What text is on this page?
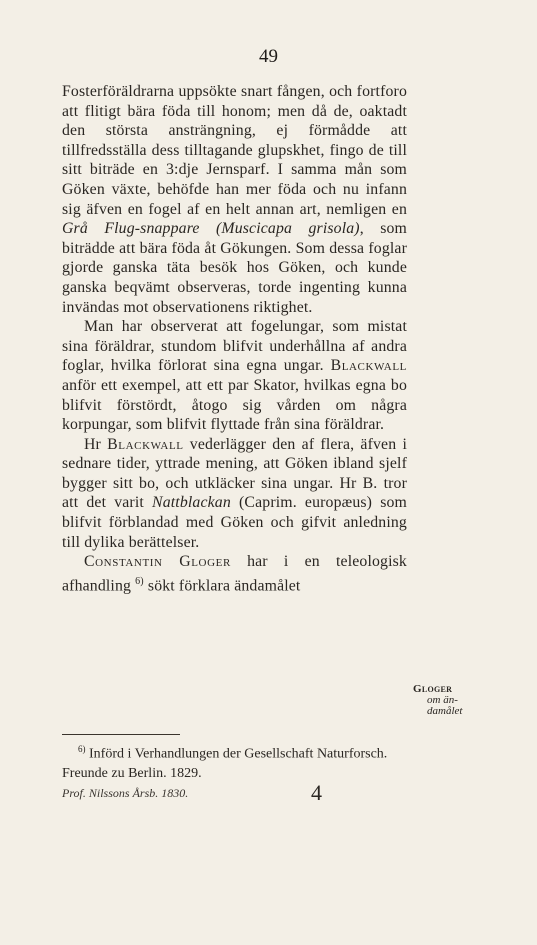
49

Fosterföräldrarna uppsökte snart fången, och fortforo att flitigt bära föda till honom; men då de, oaktadt den största ansträngning, ej förmådde att tillfredsställa dess tilltagande glupskhet, fingo de till sitt biträde en 3:dje Jernsparf. I samma mån som Göken växte, behöfde han mer föda och nu infann sig äfven en fogel af en helt annan art, nemligen en Grå Flug-snappare (Muscicapa grisola), som biträdde att bära föda åt Gökungen. Som dessa foglar gjorde ganska täta besök hos Göken, och kunde ganska beqvämt observeras, torde ingenting kunna invändas mot observationens riktighet.

Man har observerat att fogelungar, som mistat sina föräldrar, stundom blifvit underhållna af andra foglar, hvilka förlorat sina egna ungar. Blackwall anför ett exempel, att ett par Skator, hvilkas egna bo blifvit förstördt, åtogo sig vården om några korpungar, som blifvit flyttade från sina föräldrar.

Hr Blackwall vederlägger den af flera, äfven i sednare tider, yttrade mening, att Göken ibland sjelf bygger sitt bo, och utkläcker sina ungar. Hr B. tror att det varit Nattblackan (Caprim. europæus) som blifvit förblandad med Göken och gifvit anledning till dylika berättelser.

Constantin Gloger har i en teleologisk afhandling $^{6)}$ sökt förklara ändamålet

Gloger
om än-
damålet

$^{6)}$ Införd i Verhandlungen der Gesellschaft Naturforsch. Freunde zu Berlin. 1829.

Prof. Nilssons Årsb. 1830.	4
